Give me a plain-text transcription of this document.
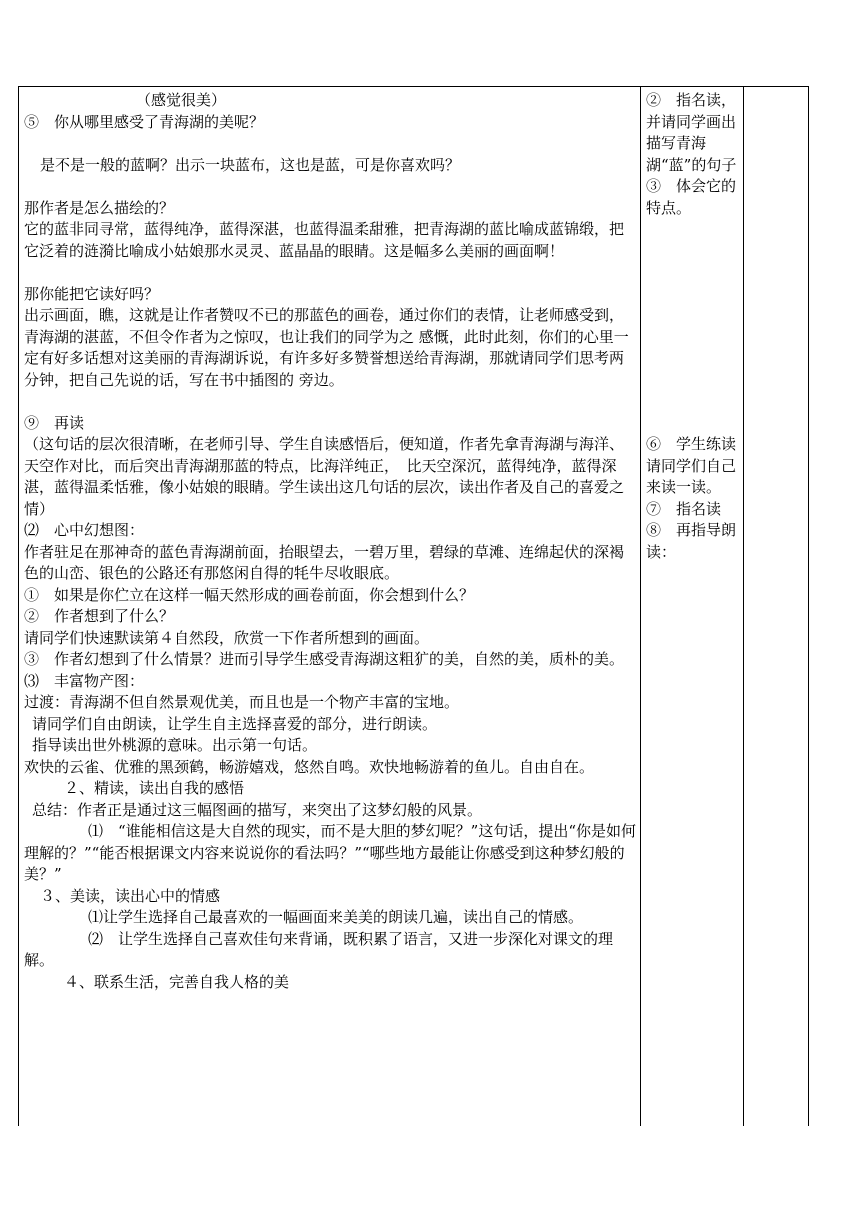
（感觉很美）

⑤　你从哪里感受了青海湖的美呢？

是不是一般的蓝啊？出示一块蓝布，这也是蓝，可是你喜欢吗？

那作者是怎么描绘的？

它的蓝非同寻常，蓝得纯净，蓝得深湛，也蓝得温柔甜雅，把青海湖的蓝比喻成蓝锦缎，把它泛着的涟漪比喻成小姑娘那水灵灵、蓝晶晶的眼睛。这是幅多么美丽的画面啊！

那你能把它读好吗？

出示画面，瞧，这就是让作者赞叹不已的那蓝色的画卷，通过你们的表情，让老师感受到，青海湖的湛蓝，不但令作者为之惊叹，也让我们的同学为之 感慨，此时此刻，你们的心里一定有好多话想对这美丽的青海湖诉说，有许多好多赞誉想送给青海湖，那就请同学们思考两分钟，把自己先说的话，写在书中插图的 旁边。

⑨　再读

（这句话的层次很清晰，在老师引导、学生自读感悟后，便知道，作者先拿青海湖与海洋、天空作对比，而后突出青海湖那蓝的特点，比海洋纯正，　比天空深沉，蓝得纯净，蓝得深湛，蓝得温柔恬雅，像小姑娘的眼睛。学生读出这几句话的层次，读出作者及自己的喜爱之情）

⑵　心中幻想图：

作者驻足在那神奇的蓝色青海湖前面，抬眼望去，一碧万里，碧绿的草滩、连绵起伏的深褐色的山峦、银色的公路还有那悠闲自得的牦牛尽收眼底。

①　如果是你伫立在这样一幅天然形成的画卷前面，你会想到什么？

②　作者想到了什么？

请同学们快速默读第４自然段，欣赏一下作者所想到的画面。

③　作者幻想到了什么情景？进而引导学生感受青海湖这粗犷的美，自然的美，质朴的美。

⑶　丰富物产图：

过渡：青海湖不但自然景观优美，而且也是一个物产丰富的宝地。

请同学们自由朗读，让学生自主选择喜爱的部分，进行朗读。

指导读出世外桃源的意味。出示第一句话。

欢快的云雀、优雅的黑颈鹤，畅游嬉戏，悠然自鸣。欢快地畅游着的鱼儿。自由自在。

２、精读，读出自我的感悟

总结：作者正是通过这三幅图画的描写，来突出了这梦幻般的风景。

⑴　“谁能相信这是大自然的现实，而不是大胆的梦幻呢？”这句话，提出“你是如何理解的？”“能否根据课文内容来说说你的看法吗？”“哪些地方最能让你感受到这种梦幻般的美？”

３、美读，读出心中的情感

⑴让学生选择自己最喜欢的一幅画面来美美的朗读几遍，读出自己的情感。

⑵　让学生选择自己喜欢佳句来背诵，既积累了语言，又进一步深化对课文的理解。

４、联系生活，完善自我人格的美

②　指名读，并请同学画出描写青海湖“蓝”的句子

③　体会它的特点。

⑥　学生练读

请同学们自己来读一读。

⑦　指名读

⑧　再指导朗读：
